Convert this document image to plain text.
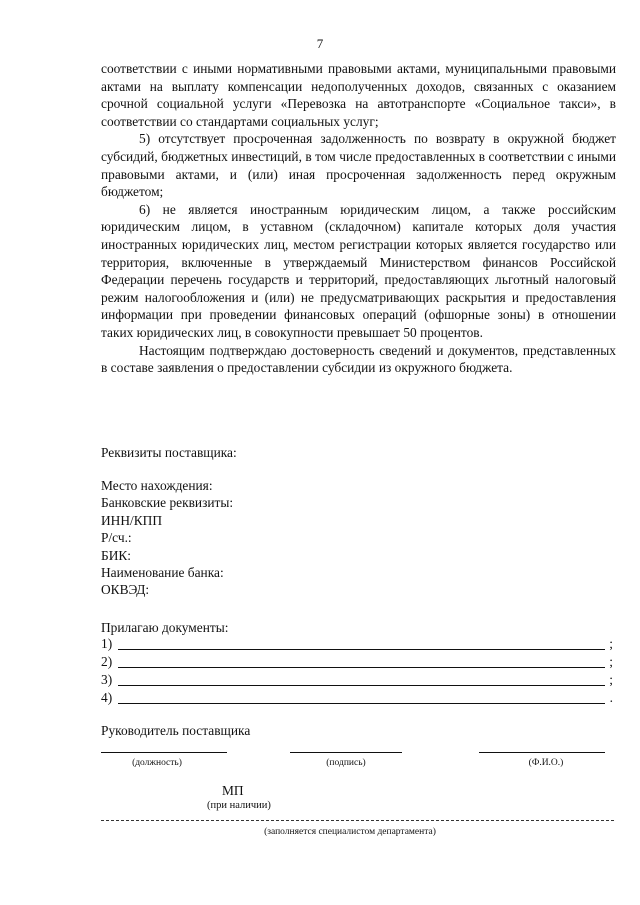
7

соответствии с иными нормативными правовыми актами, муниципальными правовыми актами на выплату компенсации недополученных доходов, связанных с оказанием срочной социальной услуги «Перевозка на автотранспорте «Социальное такси», в соответствии со стандартами социальных услуг;

5) отсутствует просроченная задолженность по возврату в окружной бюджет субсидий, бюджетных инвестиций, в том числе предоставленных в соответствии с иными правовыми актами, и (или) иная просроченная задолженность перед окружным бюджетом;

6) не является иностранным юридическим лицом, а также российским юридическим лицом, в уставном (складочном) капитале которых доля участия иностранных юридических лиц, местом регистрации которых является государство или территория, включенные в утверждаемый Министерством финансов Российской Федерации перечень государств и территорий, предоставляющих льготный налоговый режим налогообложения и (или) не предусматривающих раскрытия и предоставления информации при проведении финансовых операций (офшорные зоны) в отношении таких юридических лиц, в совокупности превышает 50 процентов.

Настоящим подтверждаю достоверность сведений и документов, представленных в составе заявления о предоставлении субсидии из окружного бюджета.

Реквизиты поставщика:
Место нахождения:
Банковские реквизиты:
ИНН/КПП
Р/сч.:
БИК:
Наименование банка:
ОКВЭД:
Прилагаю документы:
1)	;
2)	;
3)	;
4)	.
Руководитель поставщика
(должность)	(подпись)	(Ф.И.О.)
МП
(при наличии)
(заполняется специалистом департамента)
